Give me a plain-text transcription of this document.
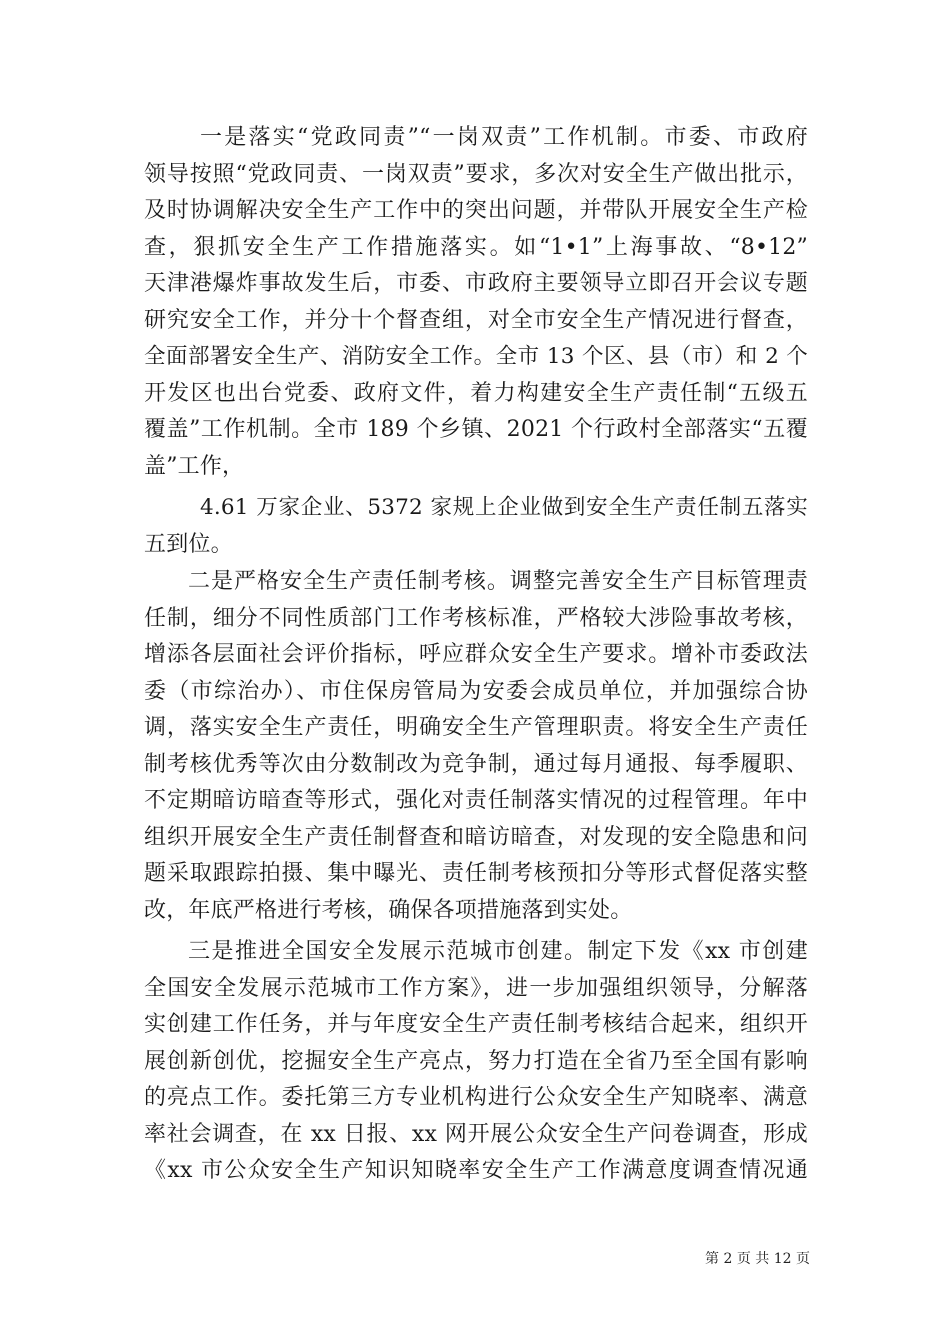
一是落实“党政同责”“一岗双责”工作机制。市委、市政府
领导按照“党政同责、一岗双责”要求，多次对安全生产做出批示，
及时协调解决安全生产工作中的突出问题，并带队开展安全生产检
查，狠抓安全生产工作措施落实。如“1•1”上海事故、“8•12”
天津港爆炸事故发生后，市委、市政府主要领导立即召开会议专题
研究安全工作，并分十个督查组，对全市安全生产情况进行督查，
全面部署安全生产、消防安全工作。全市 13 个区、县（市）和 2 个
开发区也出台党委、政府文件，着力构建安全生产责任制“五级五
覆盖”工作机制。全市 189 个乡镇、2021 个行政村全部落实“五覆
盖”工作，
4.61 万家企业、5372 家规上企业做到安全生产责任制五落实
五到位。
二是严格安全生产责任制考核。调整完善安全生产目标管理责
任制，细分不同性质部门工作考核标准，严格较大涉险事故考核，
增添各层面社会评价指标，呼应群众安全生产要求。增补市委政法
委（市综治办）、市住保房管局为安委会成员单位，并加强综合协
调，落实安全生产责任，明确安全生产管理职责。将安全生产责任
制考核优秀等次由分数制改为竞争制，通过每月通报、每季履职、
不定期暗访暗查等形式，强化对责任制落实情况的过程管理。年中
组织开展安全生产责任制督查和暗访暗查，对发现的安全隐患和问
题采取跟踪拍摄、集中曝光、责任制考核预扣分等形式督促落实整
改，年底严格进行考核，确保各项措施落到实处。
三是推进全国安全发展示范城市创建。制定下发《xx 市创建
全国安全发展示范城市工作方案》，进一步加强组织领导，分解落
实创建工作任务，并与年度安全生产责任制考核结合起来，组织开
展创新创优，挖掘安全生产亮点，努力打造在全省乃至全国有影响
的亮点工作。委托第三方专业机构进行公众安全生产知晓率、满意
率社会调查，在 xx 日报、xx 网开展公众安全生产问卷调查，形成
《xx 市公众安全生产知识知晓率安全生产工作满意度调查情况通
第 2 页 共 12 页
